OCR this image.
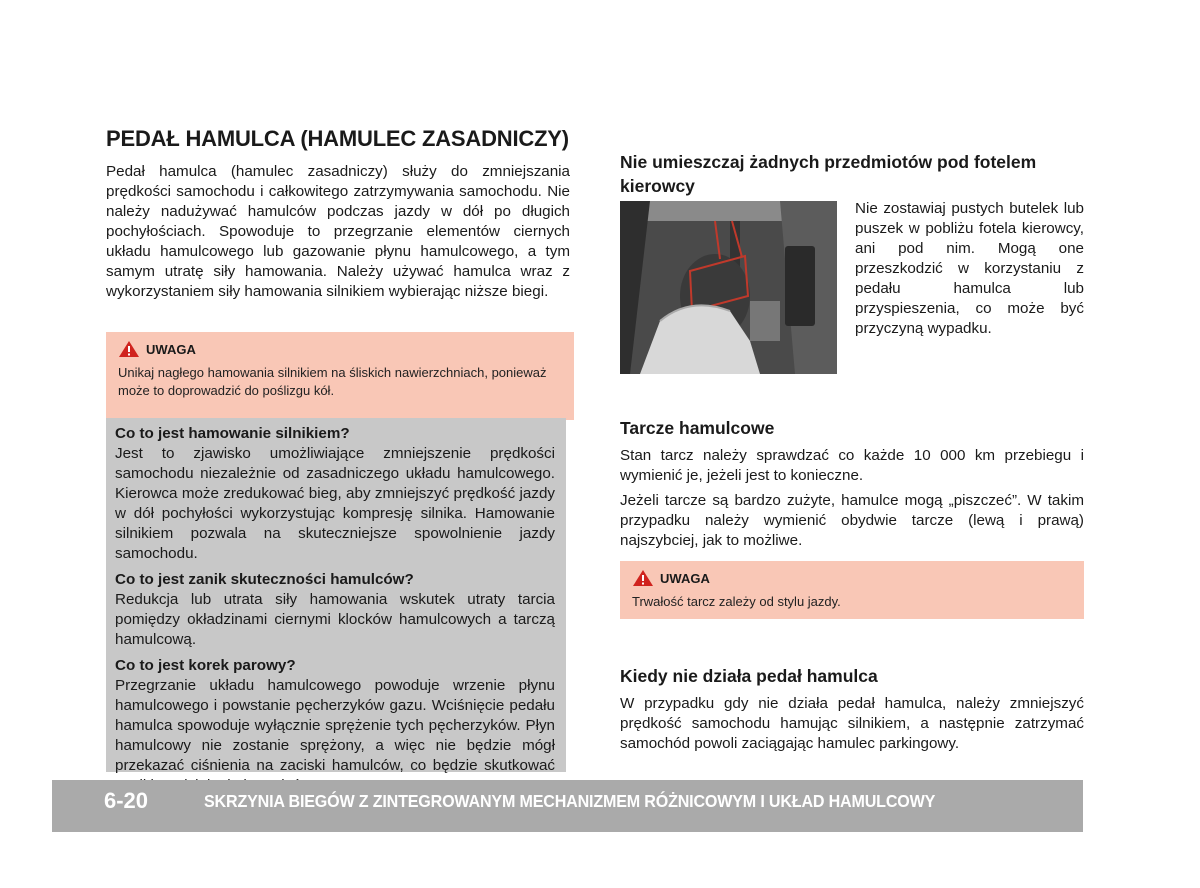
PEDAŁ HAMULCA (HAMULEC ZASADNICZY)

Pedał hamulca (hamulec zasadniczy) służy do zmniejszania prędkości samochodu i całkowitego zatrzymywania samochodu. Nie należy nadużywać hamulców podczas jazdy w dół po długich pochyłościach. Spowoduje to przegrzanie elementów ciernych układu hamulcowego lub gazowanie płynu hamulcowego, a tym samym utratę siły hamowania. Należy używać hamulca wraz z wykorzystaniem siły hamowania silnikiem wybierając niższe biegi.

UWAGA
Unikaj nagłego hamowania silnikiem na śliskich nawierzchniach, ponieważ może to doprowadzić do poślizgu kół.
Co to jest hamowanie silnikiem?

Jest to zjawisko umożliwiające zmniejszenie prędkości samochodu niezależnie od zasadniczego układu hamulcowego. Kierowca może zredukować bieg, aby zmniejszyć prędkość jazdy w dół pochyłości wykorzystując kompresję silnika. Hamowanie silnikiem pozwala na skuteczniejsze spowolnienie jazdy samochodu.

Co to jest zanik skuteczności hamulców?

Redukcja lub utrata siły hamowania wskutek utraty tarcia pomiędzy okładzinami ciernymi klocków hamulcowych a tarczą hamulcową.

Co to jest korek parowy?

Przegrzanie układu hamulcowego powoduje wrzenie płynu hamulcowego i powstanie pęcherzyków gazu. Wciśnięcie pedału hamulca spowoduje wyłącznie sprężenie tych pęcherzyków. Płyn hamulcowy nie zostanie sprężony, a więc nie będzie mógł przekazać ciśnienia na zaciski hamulców, co będzie skutkować

Nie umieszczaj żadnych przedmiotów pod fotelem kierowcy

Nie zostawiaj pustych butelek lub puszek w pobliżu fotela kierowcy, ani pod nim. Mogą one przeszkodzić w korzystaniu z pedału hamulca lub przyspieszenia, co może być przyczyną wypadku.

Tarcze hamulcowe

Stan tarcz należy sprawdzać co każde 10 000 km przebiegu i wymienić je, jeżeli jest to konieczne.

Jeżeli tarcze są bardzo zużyte, hamulce mogą „piszczeć”. W takim przypadku należy wymienić obydwie tarcze (lewą i prawą) najszybciej, jak to możliwe.

UWAGA
Trwałość tarcz zależy od stylu jazdy.
Kiedy nie działa pedał hamulca

W przypadku gdy nie działa pedał hamulca, należy zmniejszyć prędkość samochodu hamując silnikiem, a następnie zatrzymać samochód powoli zaciągając hamulec parkingowy.

6-20	SKRZYNIA BIEGÓW Z ZINTEGROWANYM MECHANIZMEM RÓŻNICOWYM I UKŁAD HAMULCOWY
